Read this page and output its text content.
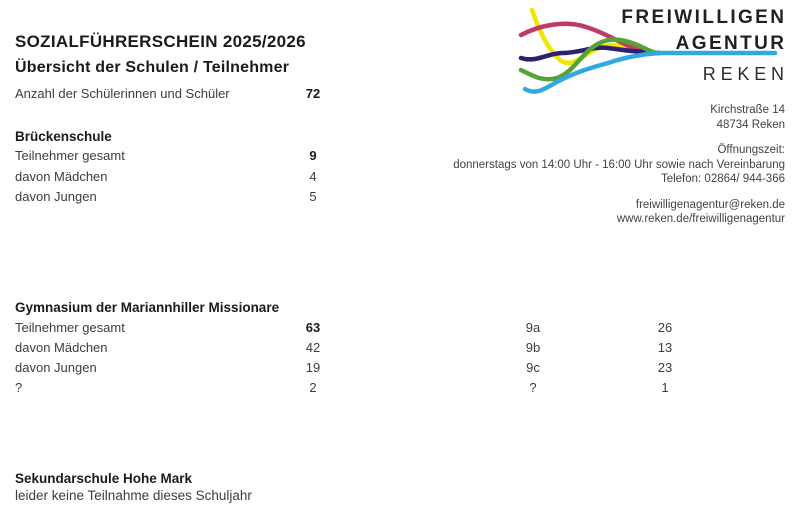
FREIWILLIGEN
AGENTUR
REKEN
Kirchstraße 14
48734 Reken
Öffnungszeit:
donnerstags von 14:00 Uhr - 16:00 Uhr sowie nach Vereinbarung
Telefon: 02864/ 944-366
freiwilligenagentur@reken.de
www.reken.de/freiwilligenagentur
SOZIALFÜHRERSCHEIN 2025/2026
Übersicht der Schulen / Teilnehmer
Anzahl der Schülerinnen und Schüler	72
Brückenschule
Teilnehmer gesamt	9
davon Mädchen	4
davon Jungen	5
Gymnasium der Mariannhiller Missionare
Teilnehmer gesamt	63	9a	26
davon Mädchen	42	9b	13
davon Jungen	19	9c	23
?	2	?	1
Sekundarschule Hohe Mark
leider keine Teilnahme dieses Schuljahr
